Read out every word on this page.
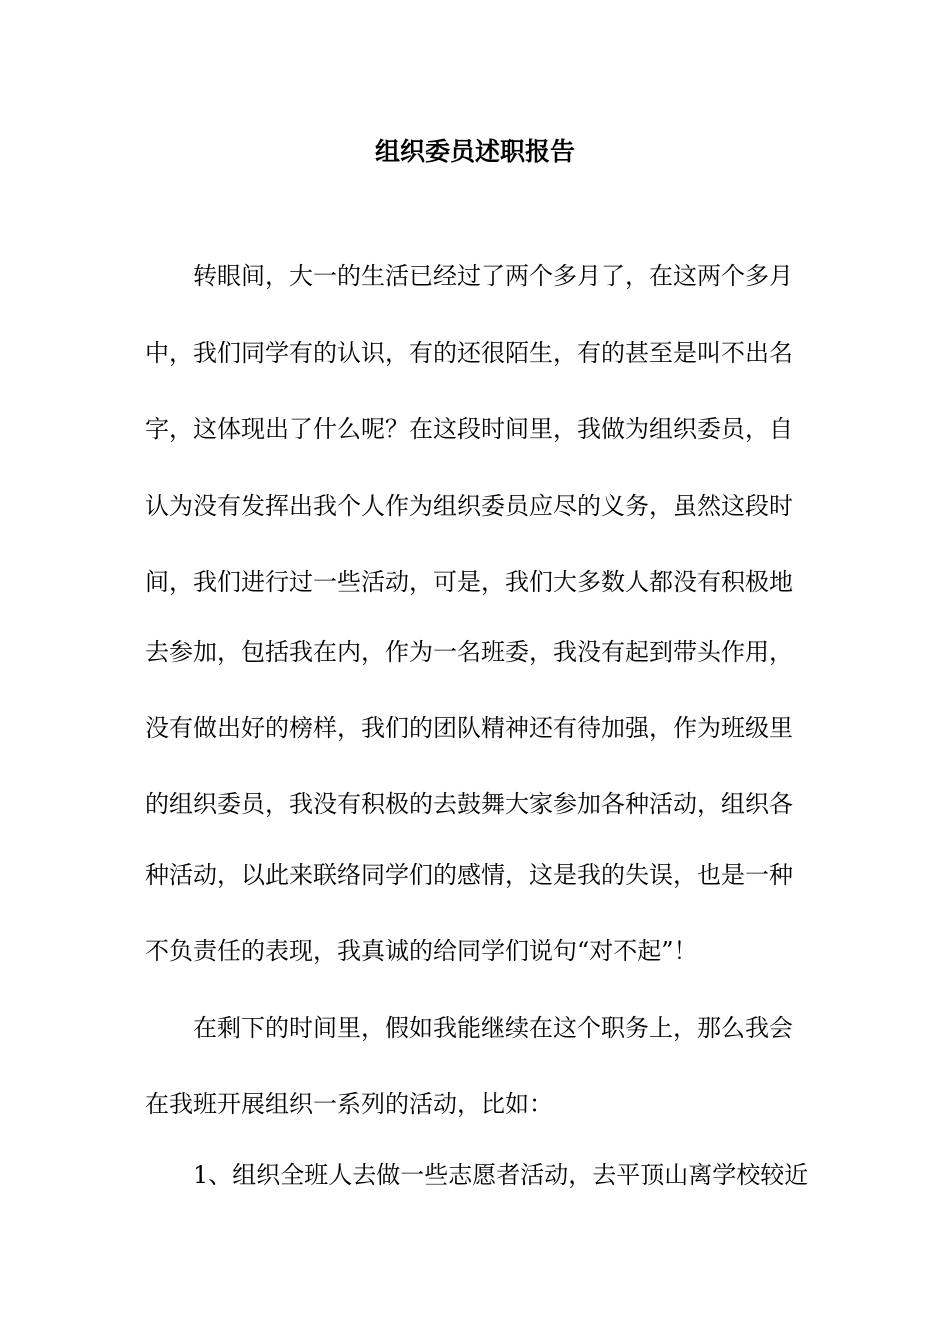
组织委员述职报告

转眼间，大一的生活已经过了两个多月了，在这两个多月

中，我们同学有的认识，有的还很陌生，有的甚至是叫不出名

字，这体现出了什么呢？在这段时间里，我做为组织委员，自

认为没有发挥出我个人作为组织委员应尽的义务，虽然这段时

间，我们进行过一些活动，可是，我们大多数人都没有积极地

去参加，包括我在内，作为一名班委，我没有起到带头作用，

没有做出好的榜样，我们的团队精神还有待加强，作为班级里

的组织委员，我没有积极的去鼓舞大家参加各种活动，组织各

种活动，以此来联络同学们的感情，这是我的失误，也是一种

不负责任的表现，我真诚的给同学们说句“对不起”！

在剩下的时间里，假如我能继续在这个职务上，那么我会

在我班开展组织一系列的活动，比如：

1、组织全班人去做一些志愿者活动，去平顶山离学校较近
